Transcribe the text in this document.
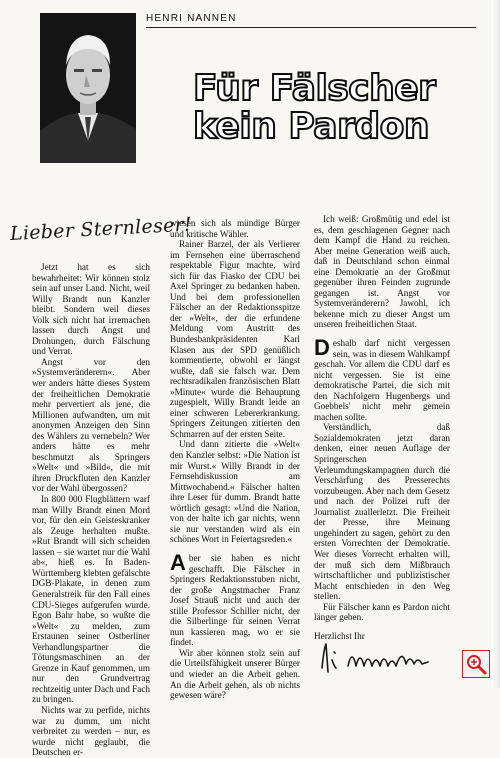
HENRI NANNEN
Für Fälscher
kein Pardon
Lieber Sternleser!

Jetzt hat es sich bewahrheitet: Wir können stolz sein auf unser Land. Nicht, weil Willy Brandt nun Kanzler bleibt. Sondern weil dieses Volk sich nicht hat irremachen lassen durch Angst und Drohungen, durch Fälschung und Verrat.

Angst vor den »Systemveränderern«. Aber wer anders hätte dieses System der freiheitlichen Demokratie mehr pervertiert als jene, die Millionen aufwandten, um mit anonymen Anzeigen den Sinn des Wählers zu vernebeln? Wer anders hätte es mehr beschmutzt als Springers »Welt« und »Bild«, die mit ihren Druckfluten den Kanzler vor der Wahl übergossen?

In 800 000 Flugblättern warf man Willy Brandt einen Mord vor, für den ein Geisteskranker als Zeuge herhalten mußte. »Rut Brandt will sich scheiden lassen – sie wartet nur die Wahl ab«, hieß es. In Baden-Württemberg klebten gefälschte DGB-Plakate, in denen zum Generalstreik für den Fall eines CDU-Sieges aufgerufen wurde. Egon Bahr habe, so wußte die »Welt« zu melden, zum Erstaunen seiner Ostberliner Verhandlungspartner die Tötungsmaschinen an der Grenze in Kauf genommen, um nur den Grundvertrag rechtzeitig unter Dach und Fach zu bringen.

Nichts war zu perfide, nichts war zu dumm, um nicht verbreitet zu werden – nur, es wurde nicht geglaubt, die Deutschen er-

wiesen sich als mündige Bürger und kritische Wähler.

Rainer Barzel, der als Verlierer im Fernsehen eine überraschend respektable Figur machte, wird sich für das Fiasko der CDU bei Axel Springer zu bedanken haben. Und bei dem professionellen Fälscher an der Redaktionsspitze der »Welt«, der die erfundene Meldung vom Austritt des Bundesbankpräsidenten Karl Klasen aus der SPD genüßlich kommentierte, obwohl er längst wußte, daß sie falsch war. Dem rechtsradikalen französischen Blatt »Minute« wurde die Behauptung zugespielt, Willy Brandt leide an einer schweren Lebererkrankung. Springers Zeitungen zitierten den Schmarren auf der ersten Seite.

Und dann zitierte die »Welt« den Kanzler selbst: »Die Nation ist mir Wurst.« Willy Brandt in der Fernsehdiskussion am Mittwochabend.« Fälscher halten ihre Leser für dumm. Brandt hatte wörtlich gesagt: »Und die Nation, von der halte ich gar nichts, wenn sie nur verstanden wird als ein schönes Wort in Feiertagsreden.«

Aber sie haben es nicht geschafft. Die Fälscher in Springers Redaktionsstuben nicht, der große Angstmacher Franz Josef Strauß nicht und auch der stille Professor Schiller nicht, der die Silberlinge für seinen Verrat nun kassieren mag, wo er sie findet.

Wir aber können stolz sein auf die Urteilsfähigkeit unserer Bürger und wieder an die Arbeit gehen. An die Arbeit gehen, als ob nichts gewesen wäre?

Ich weiß: Großmütig und edel ist es, dem geschlagenen Gegner nach dem Kampf die Hand zu reichen. Aber meine Generation weiß auch, daß in Deutschland schon einmal eine Demokratie an der Großmut gegenüber ihren Feinden zugrunde gegangen ist. Angst vor Systemveränderern? Jawohl, ich bekenne mich zu dieser Angst um unseren freiheitlichen Staat.

Deshalb darf nicht vergessen sein, was in diesem Wahlkampf geschah. Vor allem die CDU darf es nicht vergessen. Sie ist eine demokratische Partei, die sich mit den Nachfolgern Hugenbergs und Goebbels' nicht mehr gemein machen sollte.

Verständlich, daß Sozialdemokraten jetzt daran denken, einer neuen Auflage der Springerschen Verleumdungskampagnen durch die Verschärfung des Presserechts vorzubeugen. Aber nach dem Gesetz und nach der Polizei ruft der Journalist zuallerletzt. Die Freiheit der Presse, ihre Meinung ungehindert zu sagen, gehört zu den ersten Vorrechten der Demokratie. Wer dieses Vorrecht erhalten will, der muß sich dem Mißbrauch wirtschaftlicher und publizistischer Macht entschieden in den Weg stellen.

Für Fälscher kann es Pardon nicht länger geben.

Herzlichst Ihr
